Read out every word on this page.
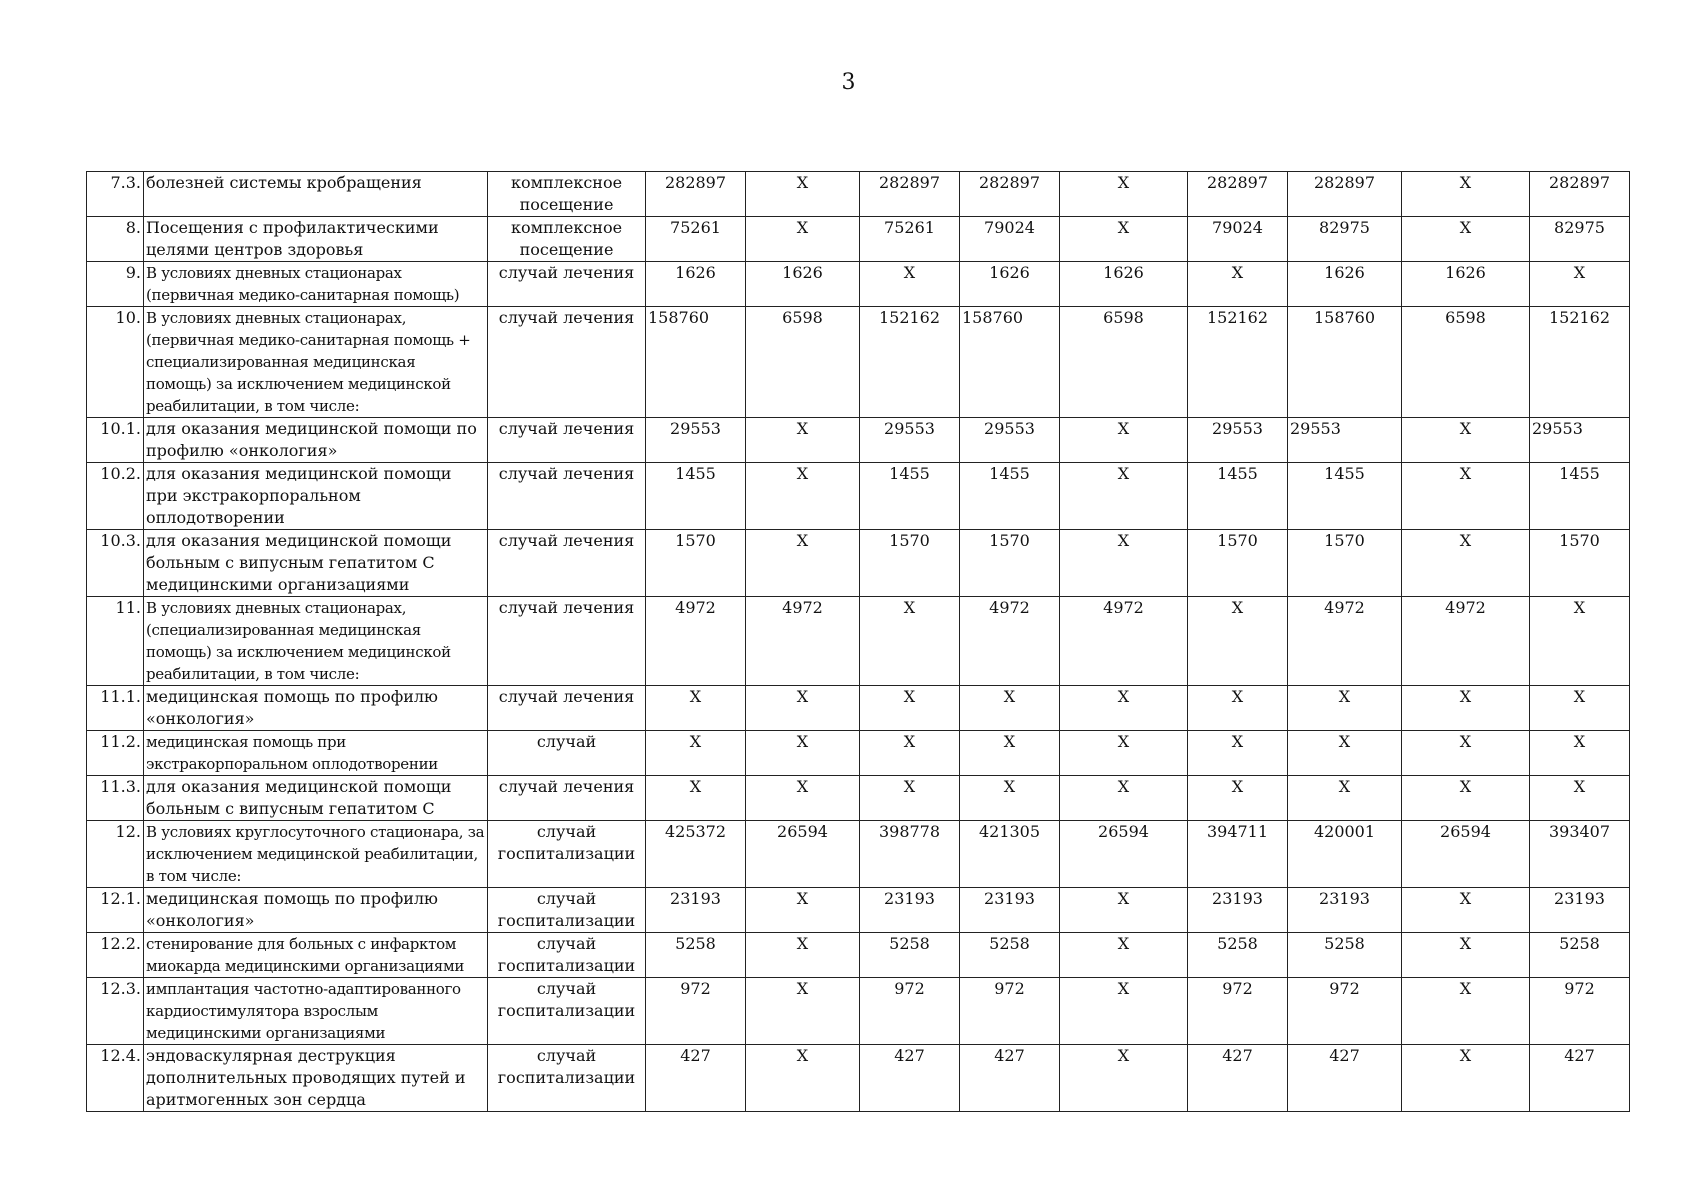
3
7.3.	болезней системы кробращения	комплексное посещение	282897	Х	282897	282897	Х	282897	282897	Х	282897
8.	Посещения с профилактическими целями центров здоровья	комплексное посещение	75261	Х	75261	79024	Х	79024	82975	Х	82975
9.	В условиях дневных стационарах (первичная медико-санитарная помощь)	случай лечения	1626	1626	Х	1626	1626	Х	1626	1626	Х
10.	В условиях дневных стационарах, (первичная медико-санитарная помощь + специализированная медицинская помощь) за исключением медицинской реабилитации, в том числе:	случай лечения	158760	6598	152162	158760	6598	152162	158760	6598	152162
10.1.	для оказания медицинской помощи по профилю «онкология»	случай лечения	29553	Х	29553	29553	Х	29553	29553	Х	29553
10.2.	для оказания медицинской помощи при экстракорпоральном оплодотворении	случай лечения	1455	Х	1455	1455	Х	1455	1455	Х	1455
10.3.	для оказания медицинской помощи больным с випусным гепатитом С медицинскими организациями	случай лечения	1570	Х	1570	1570	Х	1570	1570	Х	1570
11.	В условиях дневных стационарах, (специализированная медицинская помощь) за исключением медицинской реабилитации, в том числе:	случай лечения	4972	4972	Х	4972	4972	Х	4972	4972	Х
11.1.	медицинская помощь по профилю «онкология»	случай лечения	Х	Х	Х	Х	Х	Х	Х	Х	Х
11.2.	медицинская помощь при экстракорпоральном оплодотворении	случай	Х	Х	Х	Х	Х	Х	Х	Х	Х
11.3.	для оказания медицинской помощи больным с випусным гепатитом С	случай лечения	Х	Х	Х	Х	Х	Х	Х	Х	Х
12.	В условиях круглосуточного стационара, за исключением медицинской реабилитации, в том числе:	случай госпитализации	425372	26594	398778	421305	26594	394711	420001	26594	393407
12.1.	медицинская помощь по профилю «онкология»	случай госпитализации	23193	Х	23193	23193	Х	23193	23193	Х	23193
12.2.	стенирование для больных с инфарктом миокарда медицинскими организациями	случай госпитализации	5258	Х	5258	5258	Х	5258	5258	Х	5258
12.3.	имплантация частотно-адаптированного кардиостимулятора взрослым медицинскими организациями	случай госпитализации	972	Х	972	972	Х	972	972	Х	972
12.4.	эндоваскулярная деструкция дополнительных проводящих путей и аритмогенных зон сердца	случай госпитализации	427	Х	427	427	Х	427	427	Х	427
